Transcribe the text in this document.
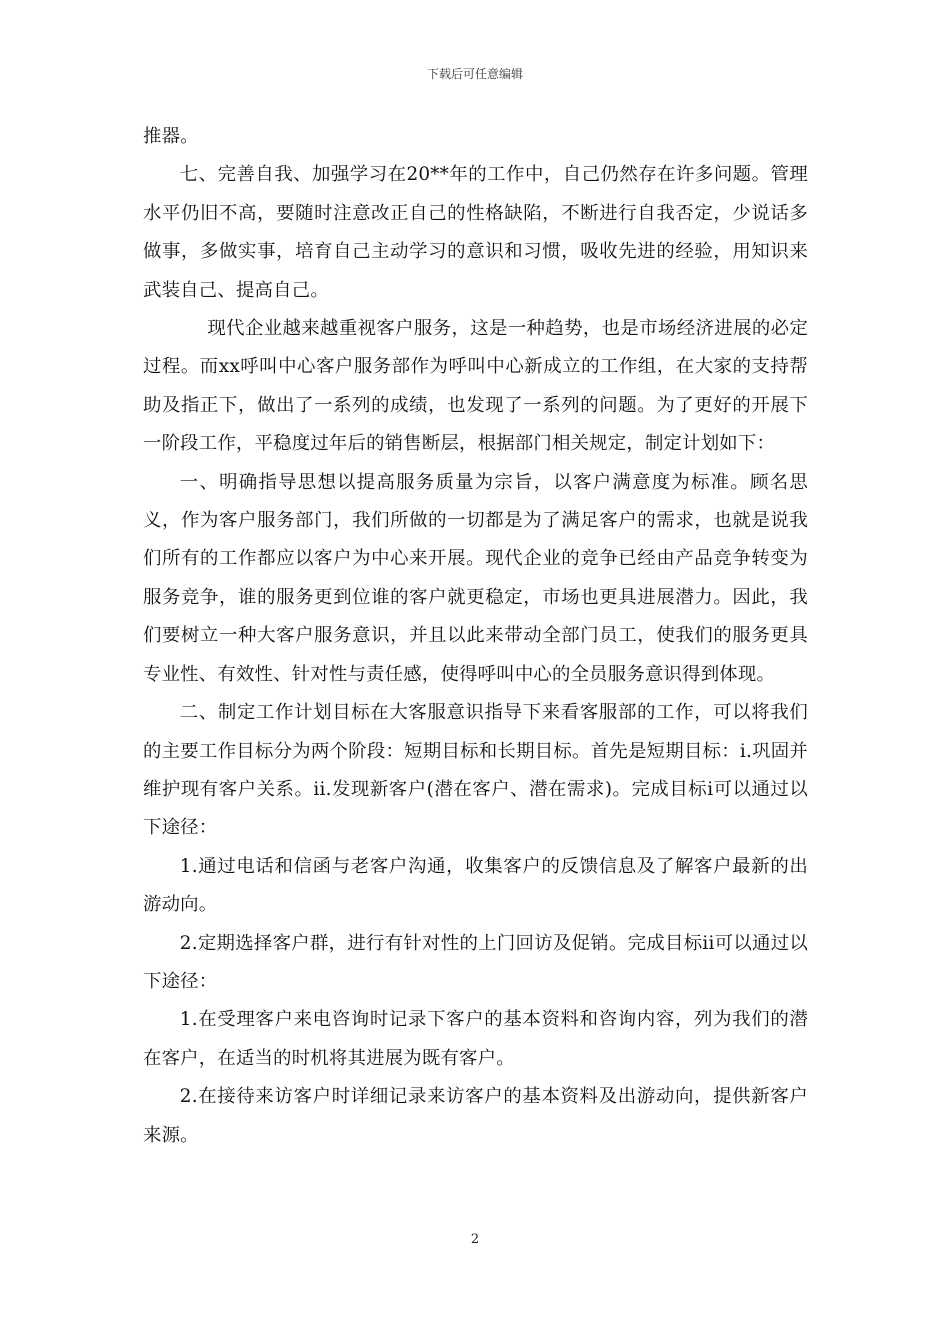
下载后可任意编辑

推器。

七、完善自我、加强学习在20**年的工作中，自己仍然存在许多问题。管理水平仍旧不高，要随时注意改正自己的性格缺陷，不断进行自我否定，少说话多做事，多做实事，培育自己主动学习的意识和习惯，吸收先进的经验，用知识来武装自己、提高自己。

现代企业越来越重视客户服务，这是一种趋势，也是市场经济进展的必定过程。而xx呼叫中心客户服务部作为呼叫中心新成立的工作组，在大家的支持帮助及指正下，做出了一系列的成绩，也发现了一系列的问题。为了更好的开展下一阶段工作，平稳度过年后的销售断层，根据部门相关规定，制定计划如下：

一、明确指导思想以提高服务质量为宗旨，以客户满意度为标准。顾名思义，作为客户服务部门，我们所做的一切都是为了满足客户的需求，也就是说我们所有的工作都应以客户为中心来开展。现代企业的竞争已经由产品竞争转变为服务竞争，谁的服务更到位谁的客户就更稳定，市场也更具进展潜力。因此，我们要树立一种大客户服务意识，并且以此来带动全部门员工，使我们的服务更具专业性、有效性、针对性与责任感，使得呼叫中心的全员服务意识得到体现。

二、制定工作计划目标在大客服意识指导下来看客服部的工作，可以将我们的主要工作目标分为两个阶段：短期目标和长期目标。首先是短期目标：i.巩固并维护现有客户关系。ii.发现新客户(潜在客户、潜在需求)。完成目标i可以通过以下途径：

1.通过电话和信函与老客户沟通，收集客户的反馈信息及了解客户最新的出游动向。

2.定期选择客户群，进行有针对性的上门回访及促销。完成目标ii可以通过以下途径：

1.在受理客户来电咨询时记录下客户的基本资料和咨询内容，列为我们的潜在客户，在适当的时机将其进展为既有客户。

2.在接待来访客户时详细记录来访客户的基本资料及出游动向，提供新客户来源。

2
